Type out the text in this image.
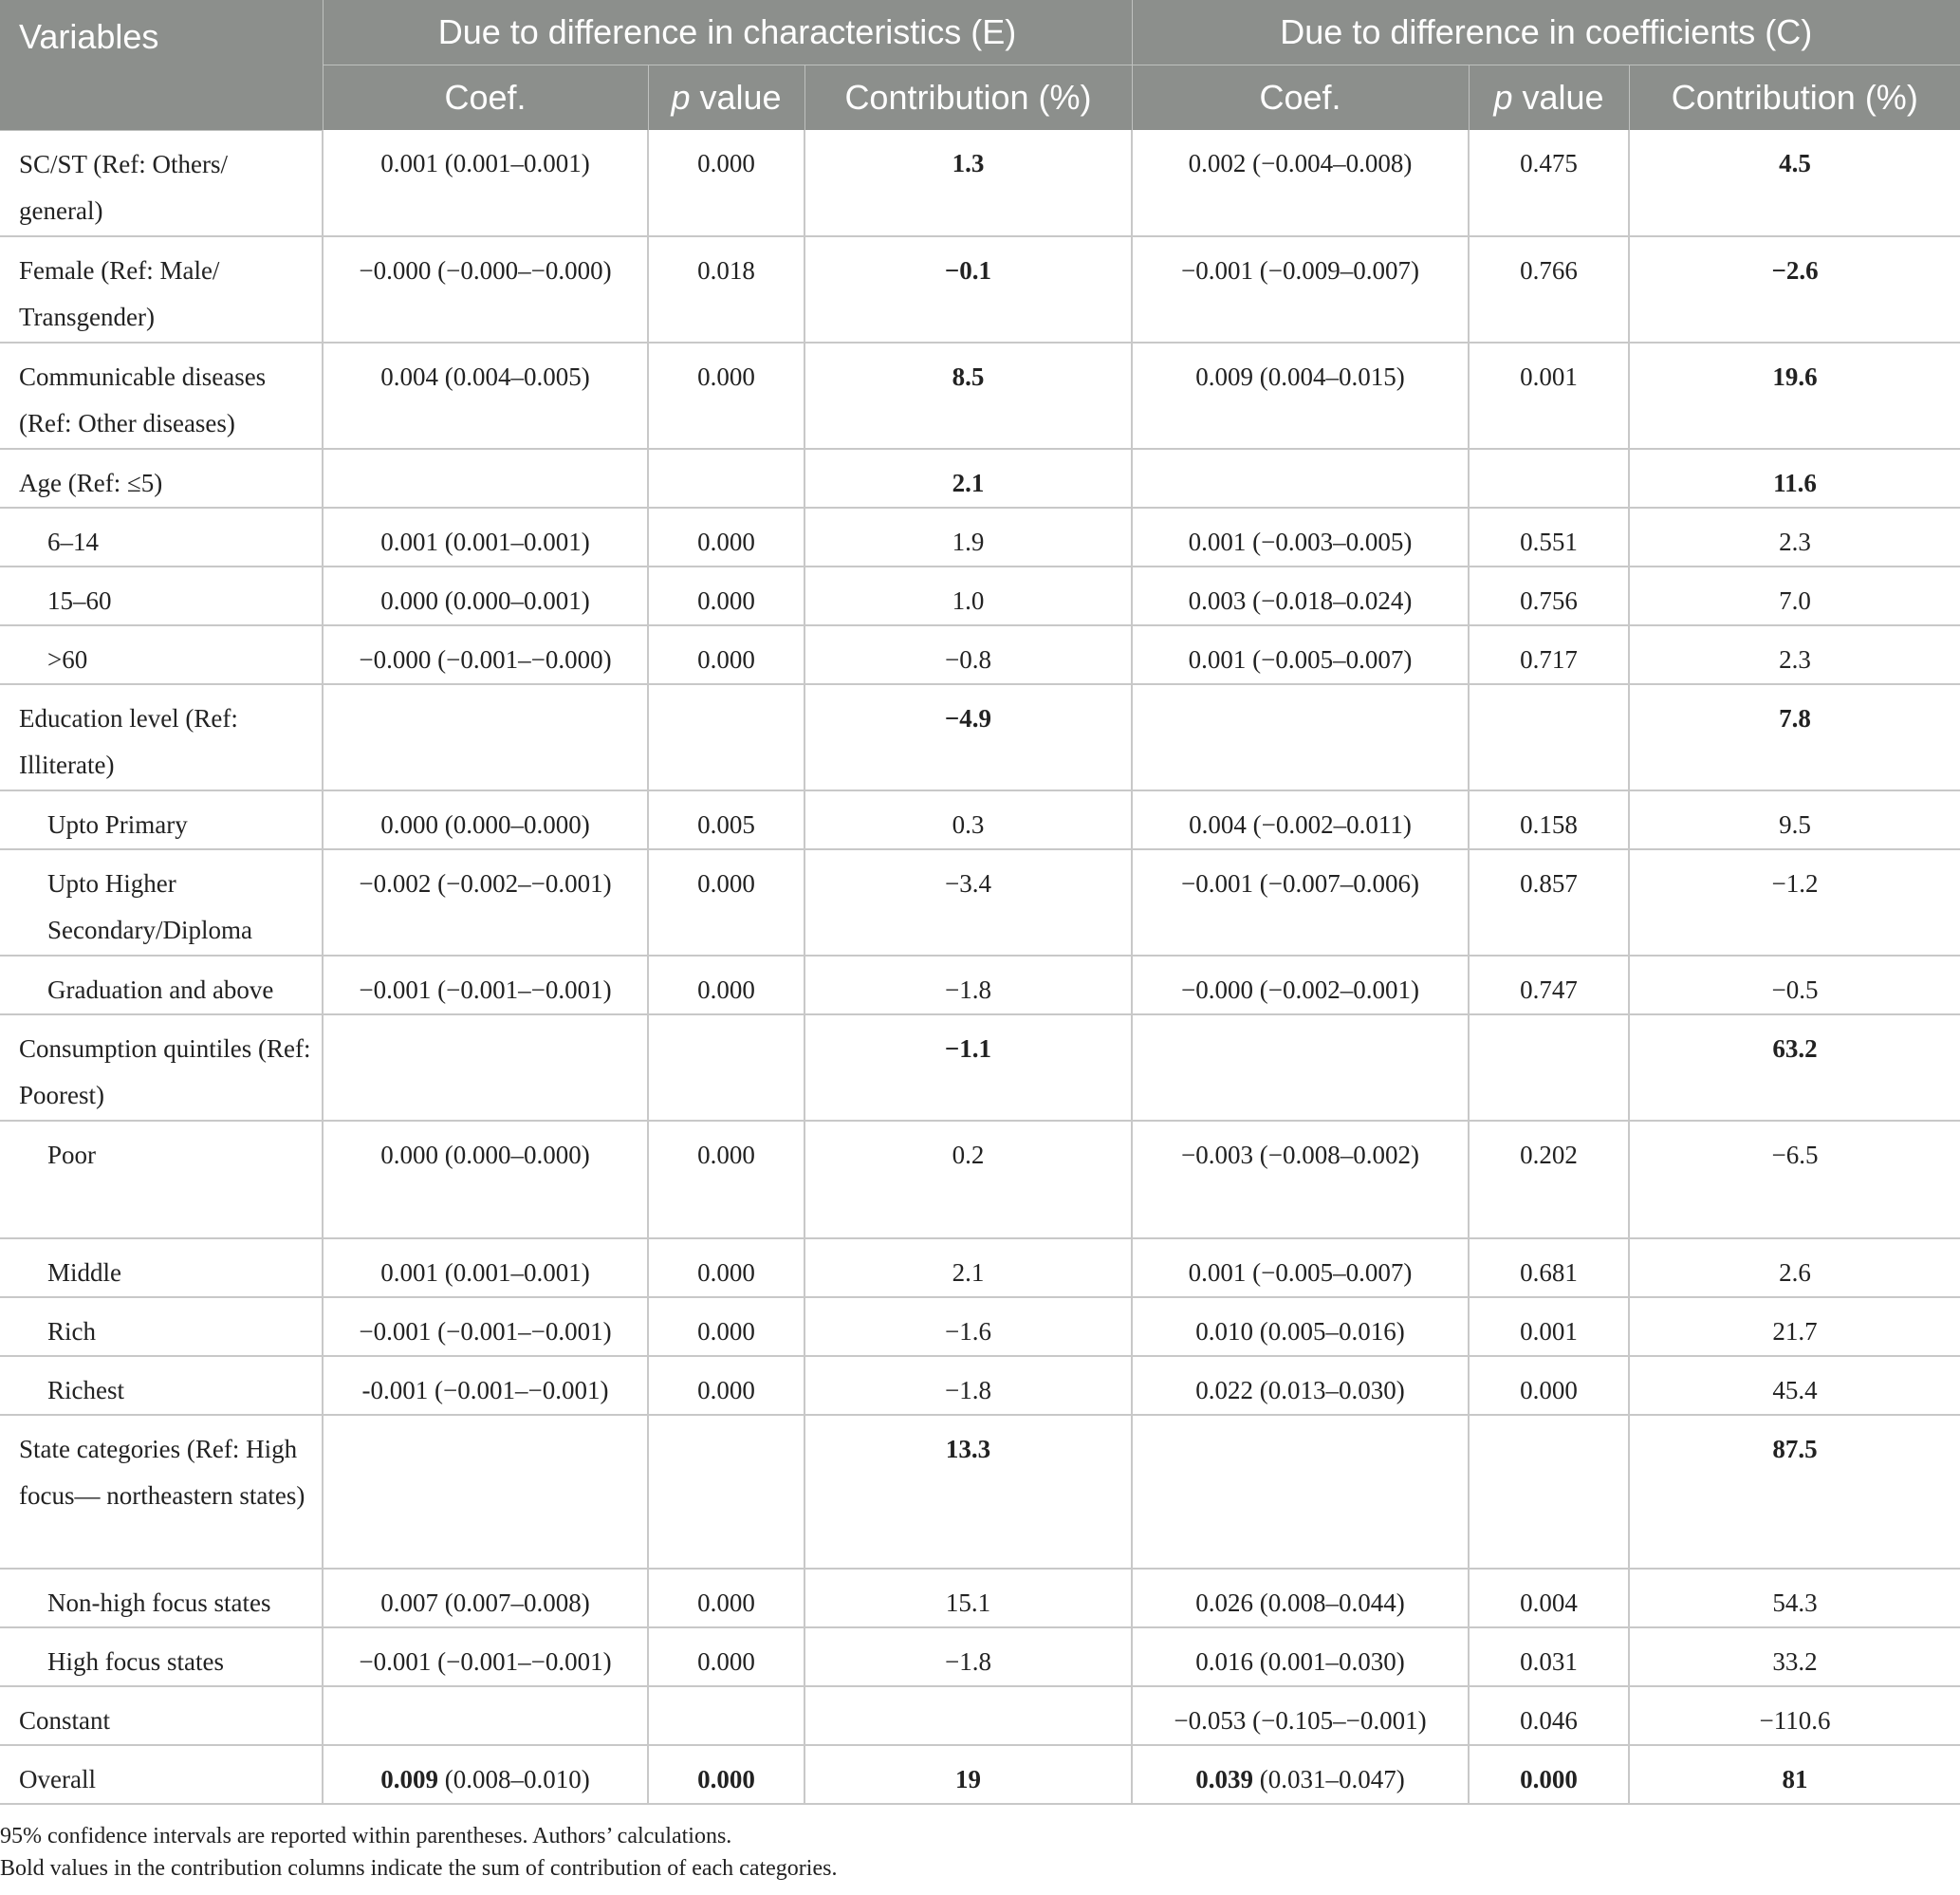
Variables	Due to difference in characteristics (E)			Due to difference in coefficients (C)		
	Coef.	p value	Contribution (%)	Coef.	p value	Contribution (%)

SC/ST (Ref: Others/ general)	0.001 (0.001–0.001)	0.000	1.3	0.002 (−0.004–0.008)	0.475	4.5

Female (Ref: Male/ Transgender)	−0.000 (−0.000–−0.000)	0.018	−0.1	−0.001 (−0.009–0.007)	0.766	−2.6

Communicable diseases (Ref: Other diseases)	0.004 (0.004–0.005)	0.000	8.5	0.009 (0.004–0.015)	0.001	19.6

Age (Ref: ≤5)			2.1			11.6

6–14	0.001 (0.001–0.001)	0.000	1.9	0.001 (−0.003–0.005)	0.551	2.3

15–60	0.000 (0.000–0.001)	0.000	1.0	0.003 (−0.018–0.024)	0.756	7.0

>60	−0.000 (−0.001–−0.000)	0.000	−0.8	0.001 (−0.005–0.007)	0.717	2.3

Education level (Ref: Illiterate)			−4.9			7.8

Upto Primary	0.000 (0.000–0.000)	0.005	0.3	0.004 (−0.002–0.011)	0.158	9.5

Upto Higher Secondary/Diploma	−0.002 (−0.002–−0.001)	0.000	−3.4	−0.001 (−0.007–0.006)	0.857	−1.2

Graduation and above	−0.001 (−0.001–−0.001)	0.000	−1.8	−0.000 (−0.002–0.001)	0.747	−0.5

Consumption quintiles (Ref: Poorest)			−1.1			63.2

Poor	0.000 (0.000–0.000)	0.000	0.2	−0.003 (−0.008–0.002)	0.202	−6.5

Middle	0.001 (0.001–0.001)	0.000	2.1	0.001 (−0.005–0.007)	0.681	2.6

Rich	−0.001 (−0.001–−0.001)	0.000	−1.6	0.010 (0.005–0.016)	0.001	21.7

Richest	-0.001 (−0.001–−0.001)	0.000	−1.8	0.022 (0.013–0.030)	0.000	45.4

State categories (Ref: High focus— northeastern states)			13.3			87.5

Non-high focus states	0.007 (0.007–0.008)	0.000	15.1	0.026 (0.008–0.044)	0.004	54.3

High focus states	−0.001 (−0.001–−0.001)	0.000	−1.8	0.016 (0.001–0.030)	0.031	33.2

Constant				−0.053 (−0.105–−0.001)	0.046	−110.6

Overall	0.009 (0.008–0.010)	0.000	19	0.039 (0.031–0.047)	0.000	81
95% confidence intervals are reported within parentheses. Authors’ calculations.
Bold values in the contribution columns indicate the sum of contribution of each categories.
